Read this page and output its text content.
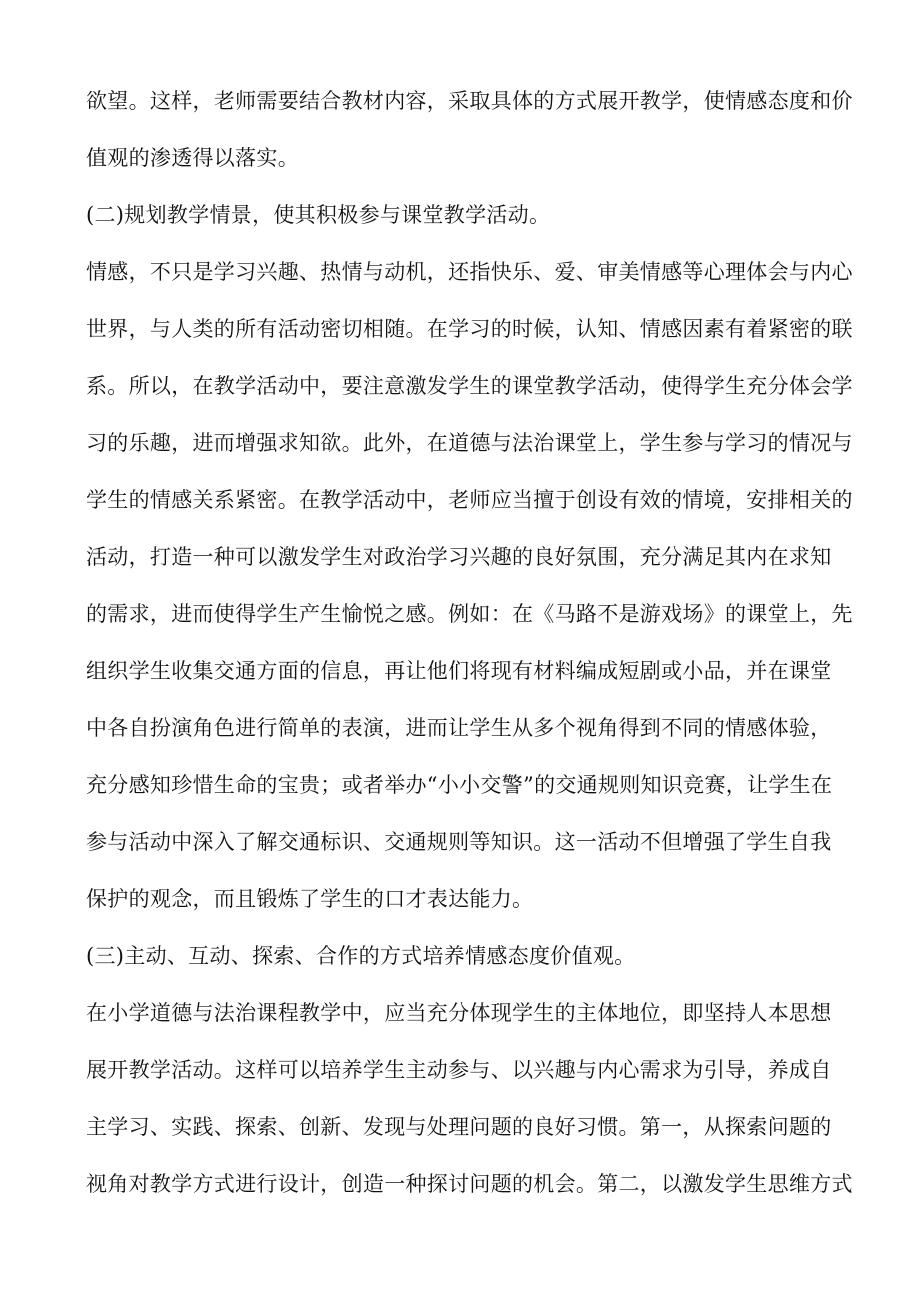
欲望。这样，老师需要结合教材内容，采取具体的方式展开教学，使情感态度和价
值观的渗透得以落实。
(二)规划教学情景，使其积极参与课堂教学活动。
情感，不只是学习兴趣、热情与动机，还指快乐、爱、审美情感等心理体会与内心
世界，与人类的所有活动密切相随。在学习的时候，认知、情感因素有着紧密的联
系。所以，在教学活动中，要注意激发学生的课堂教学活动，使得学生充分体会学
习的乐趣，进而增强求知欲。此外，在道德与法治课堂上，学生参与学习的情况与
学生的情感关系紧密。在教学活动中，老师应当擅于创设有效的情境，安排相关的
活动，打造一种可以激发学生对政治学习兴趣的良好氛围，充分满足其内在求知
的需求，进而使得学生产生愉悦之感。例如：在《马路不是游戏场》的课堂上，先
组织学生收集交通方面的信息，再让他们将现有材料编成短剧或小品，并在课堂
中各自扮演角色进行简单的表演，进而让学生从多个视角得到不同的情感体验，
充分感知珍惜生命的宝贵；或者举办“小小交警”的交通规则知识竞赛，让学生在
参与活动中深入了解交通标识、交通规则等知识。这一活动不但增强了学生自我
保护的观念，而且锻炼了学生的口才表达能力。
(三)主动、互动、探索、合作的方式培养情感态度价值观。
在小学道德与法治课程教学中，应当充分体现学生的主体地位，即坚持人本思想
展开教学活动。这样可以培养学生主动参与、以兴趣与内心需求为引导，养成自
主学习、实践、探索、创新、发现与处理问题的良好习惯。第一，从探索问题的
视角对教学方式进行设计，创造一种探讨问题的机会。第二，以激发学生思维方式
